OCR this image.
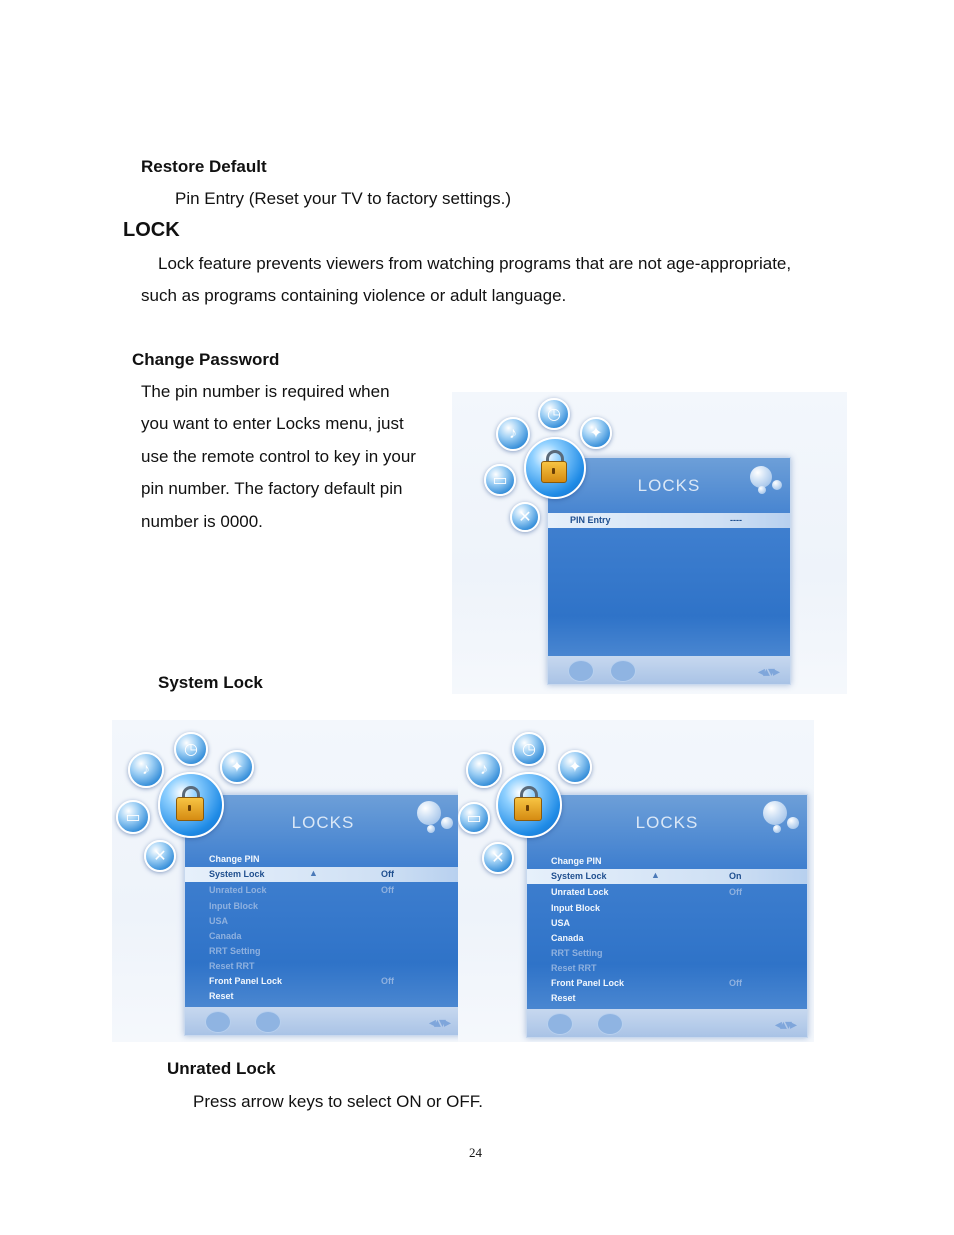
Restore Default
Pin Entry (Reset your TV to factory settings.)
LOCK
Lock feature prevents viewers from watching programs that are not age-appropriate,
such as programs containing violence or adult language.
Change Password
The pin number is required when
you want to enter Locks menu, just
use the remote control to key in your
pin number. The factory default pin
number is 0000.
System Lock
Unrated Lock
Press arrow keys to select ON or OFF.
24
LOCKS
PIN Entry	----
◂▴▾▸
♪
◷
✦
▭
✕
LOCKS
Change PIN
System Lock	▲	Off
Unrated Lock	Off
Input Block
USA
Canada
RRT Setting
Reset RRT
Front Panel Lock	Off
Reset
◂▴▾▸
♪
◷
✦
▭
✕
LOCKS
Change PIN
System Lock	▲	On
Unrated Lock	Off
Input Block
USA
Canada
RRT Setting
Reset RRT
Front Panel Lock	Off
Reset
◂▴▾▸
♪
◷
✦
▭
✕
